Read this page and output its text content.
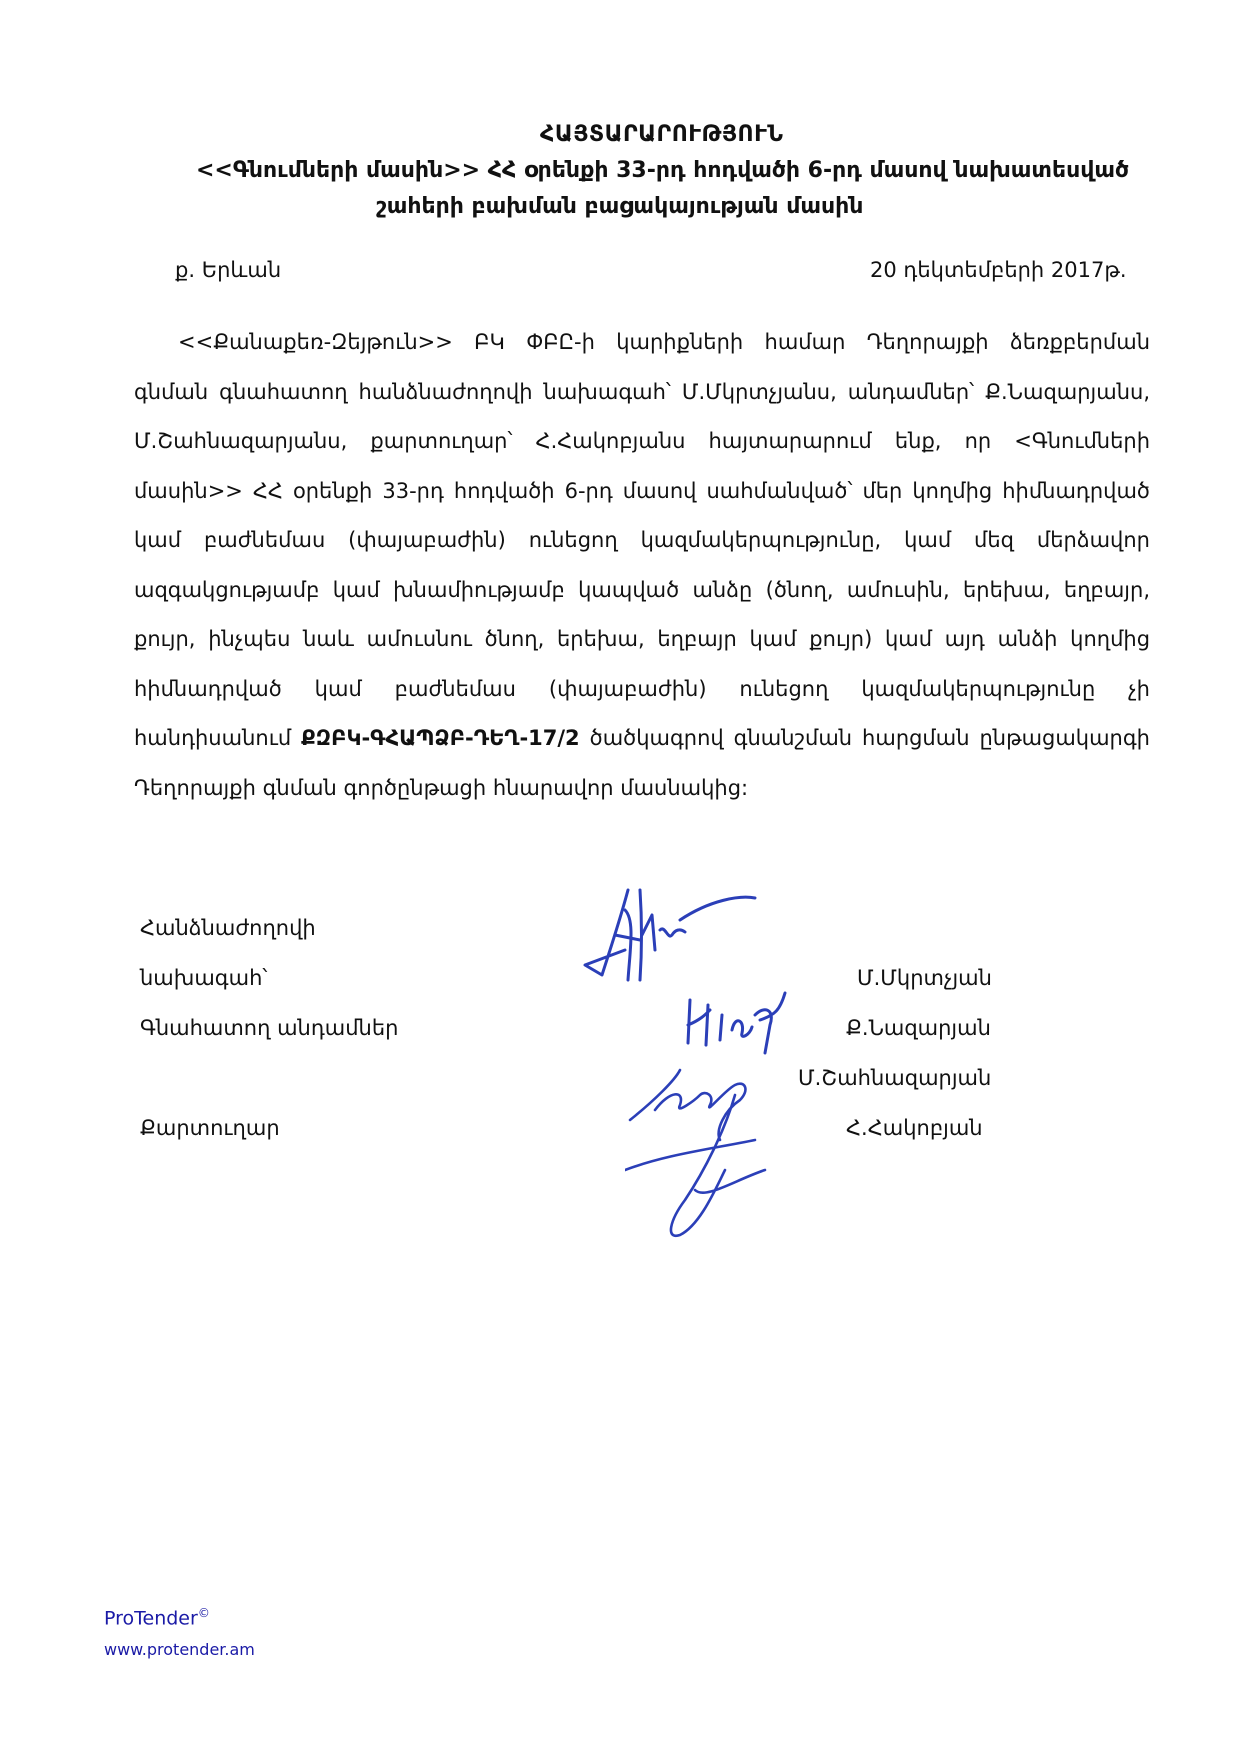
ՀԱՅՏԱՐԱՐՈՒԹՅՈՒՆ
<<Գնումների մասին>> ՀՀ օրենքի 33-րդ հոդվածի 6-րդ մասով նախատեսված
շահերի բախման բացակայության մասին
ք. Երևան	20 դեկտեմբերի 2017թ.
<<Քանաքեռ-Զեյթուն>> ԲԿ ՓԲԸ-ի կարիքների համար Դեղորայքի ձեռքբերման
գնման գնահատող հանձնաժողովի նախագահ՝ Մ.Մկրտչյանս, անդամներ՝ Ք.Նազարյանս,
Մ.Շահնազարյանս, քարտուղար՝ Հ.Հակոբյանս հայտարարում ենք, որ <Գնումների
մասին>> ՀՀ օրենքի 33-րդ հոդվածի 6-րդ մասով սահմանված՝ մեր կողմից հիմնադրված
կամ բաժնեմաս (փայաբաժին) ունեցող կազմակերպությունը, կամ մեզ մերձավոր
ազգակցությամբ կամ խնամիությամբ կապված անձը (ծնող, ամուսին, երեխա, եղբայր,
քույր, ինչպես նաև ամուսնու ծնող, երեխա, եղբայր կամ քույր) կամ այդ անձի կողմից
հիմնադրված կամ բաժնեմաս (փայաբաժին) ունեցող կազմակերպությունը չի
հանդիսանում ՔԶԲԿ-ԳՀԱՊՁԲ-ԴԵՂ-17/2 ծածկագրով գնանշման հարցման ընթացակարգի
Դեղորայքի գնման գործընթացի հնարավոր մասնակից:
Հանձնաժողովի
նախագահ՝
Գնահատող անդամներ
Քարտուղար
Մ.Մկրտչյան
Ք.Նազարյան
Մ.Շահնազարյան
Հ.Հակոբյան
ProTender©
www.protender.am
